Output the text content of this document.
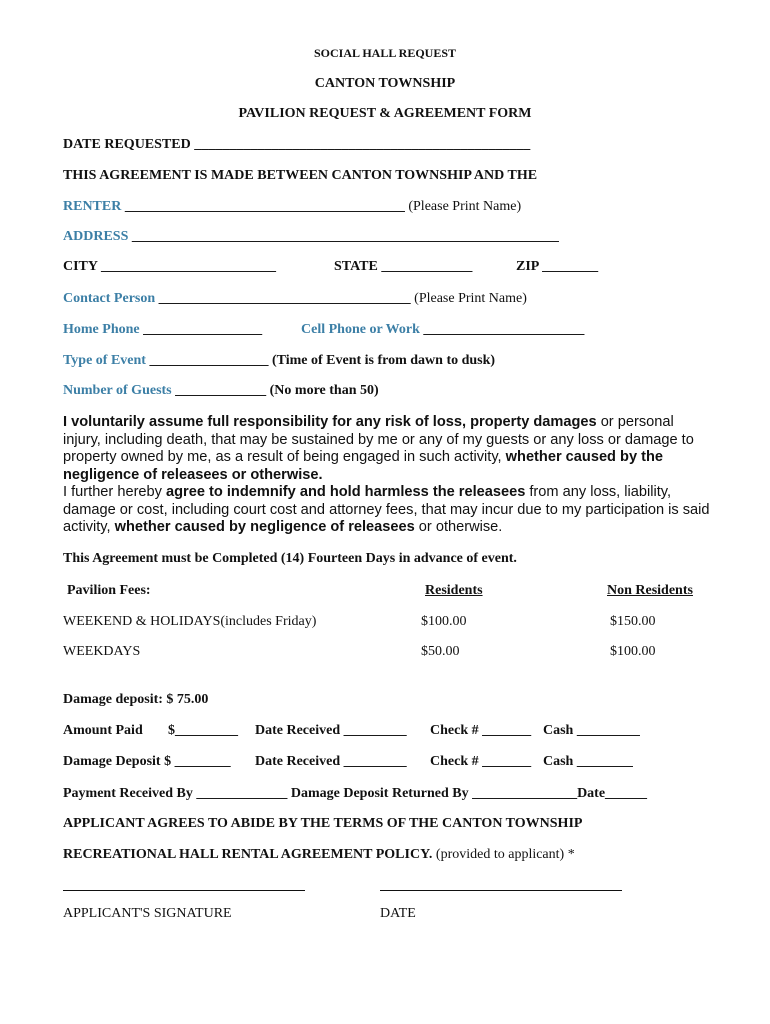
SOCIAL HALL REQUEST
CANTON TOWNSHIP
PAVILION REQUEST & AGREEMENT FORM
DATE REQUESTED ________________________________________________
THIS AGREEMENT IS MADE BETWEEN CANTON TOWNSHIP AND THE
RENTER ________________________________________ (Please Print Name)
ADDRESS _____________________________________________________________
CITY _________________________	STATE _____________	ZIP ________
Contact Person ____________________________________ (Please Print Name)
Home Phone _________________	Cell Phone or Work _______________________
Type of Event _________________ (Time of Event is from dawn to dusk)
Number of Guests _____________ (No more than 50)
I voluntarily assume full responsibility for any risk of loss, property damages or personal injury, including death, that may be sustained by me or any of my guests or any loss or damage to property owned by me, as a result of being engaged in such activity, whether caused by the negligence of releasees or otherwise.
I further hereby agree to indemnify and hold harmless the releasees from any loss, liability, damage or cost, including court cost and attorney fees, that may incur due to my participation is said activity, whether caused by negligence of releasees or otherwise.
This Agreement must be Completed (14) Fourteen Days in advance of event.
Pavilion Fees:	Residents	Non Residents
WEEKEND & HOLIDAYS(includes Friday)	$100.00	$150.00
WEEKDAYS	$50.00	$100.00
Damage deposit: $ 75.00
Amount Paid $_________ Date Received _________ Check # _______ Cash _________
Damage Deposit $ ________ Date Received _________ Check # _______ Cash ________
Payment Received By _____________ Damage Deposit Returned By _______________Date______
APPLICANT AGREES TO ABIDE BY THE TERMS OF THE CANTON TOWNSHIP
RECREATIONAL HALL RENTAL AGREEMENT POLICY. (provided to applicant) *
APPLICANT'S SIGNATURE	DATE
